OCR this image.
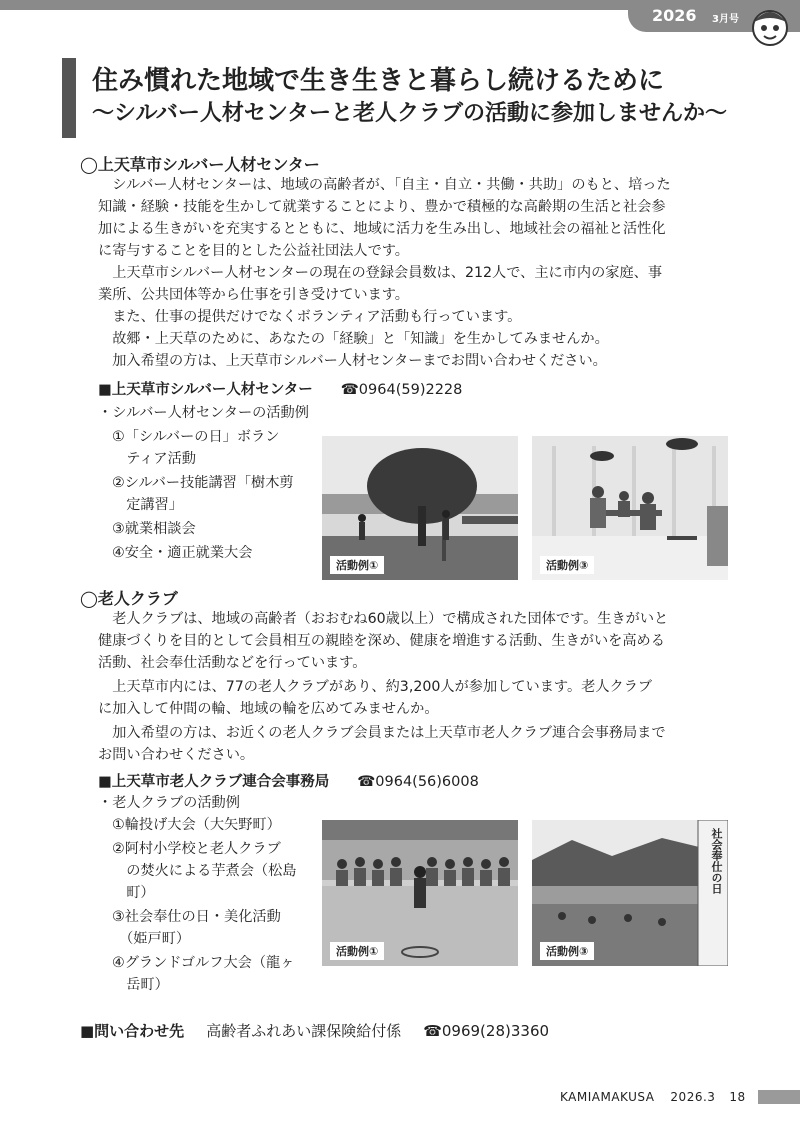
2026 3月号
住み慣れた地域で生き生きと暮らし続けるために
～シルバー人材センターと老人クラブの活動に参加しませんか～
◯上天草市シルバー人材センター
　シルバー人材センターは、地域の高齢者が、「自主・自立・共働・共助」のもと、培った
知識・経験・技能を生かして就業することにより、豊かで積極的な高齢期の生活と社会参
加による生きがいを充実するとともに、地域に活力を生み出し、地域社会の福祉と活性化
に寄与することを目的とした公益社団法人です。
　上天草市シルバー人材センターの現在の登録会員数は、212人で、主に市内の家庭、事
業所、公共団体等から仕事を引き受けています。
　また、仕事の提供だけでなくボランティア活動も行っています。
　故郷・上天草のために、あなたの「経験」と「知識」を生かしてみませんか。
　加入希望の方は、上天草市シルバー人材センターまでお問い合わせください。
■上天草市シルバー人材センター ☎0964(59)2228
・シルバー人材センターの活動例
①「シルバーの日」ボラン
　ティア活動
②シルバー技能講習「樹木剪
　定講習」
③就業相談会
④安全・適正就業大会
活動例①	活動例③
◯老人クラブ
　老人クラブは、地域の高齢者（おおむね60歳以上）で構成された団体です。生きがいと
健康づくりを目的として会員相互の親睦を深め、健康を増進する活動、生きがいを高める
活動、社会奉仕活動などを行っています。
　上天草市内には、77の老人クラブがあり、約3,200人が参加しています。老人クラブ
に加入して仲間の輪、地域の輪を広めてみませんか。
　加入希望の方は、お近くの老人クラブ会員または上天草市老人クラブ連合会事務局まで
お問い合わせください。
■上天草市老人クラブ連合会事務局 ☎0964(56)6008
・老人クラブの活動例
①輪投げ大会（大矢野町）
②阿村小学校と老人クラブ
　の焚火による芋煮会（松島
　町）
③社会奉仕の日・美化活動
　（姫戸町）
④グランドゴルフ大会（龍ヶ
　岳町）
活動例①
社会奉仕の日
活動例③
■問い合わせ先 高齢者ふれあい課保険給付係 ☎0969(28)3360
KAMIAMAKUSA 2026.3 18
